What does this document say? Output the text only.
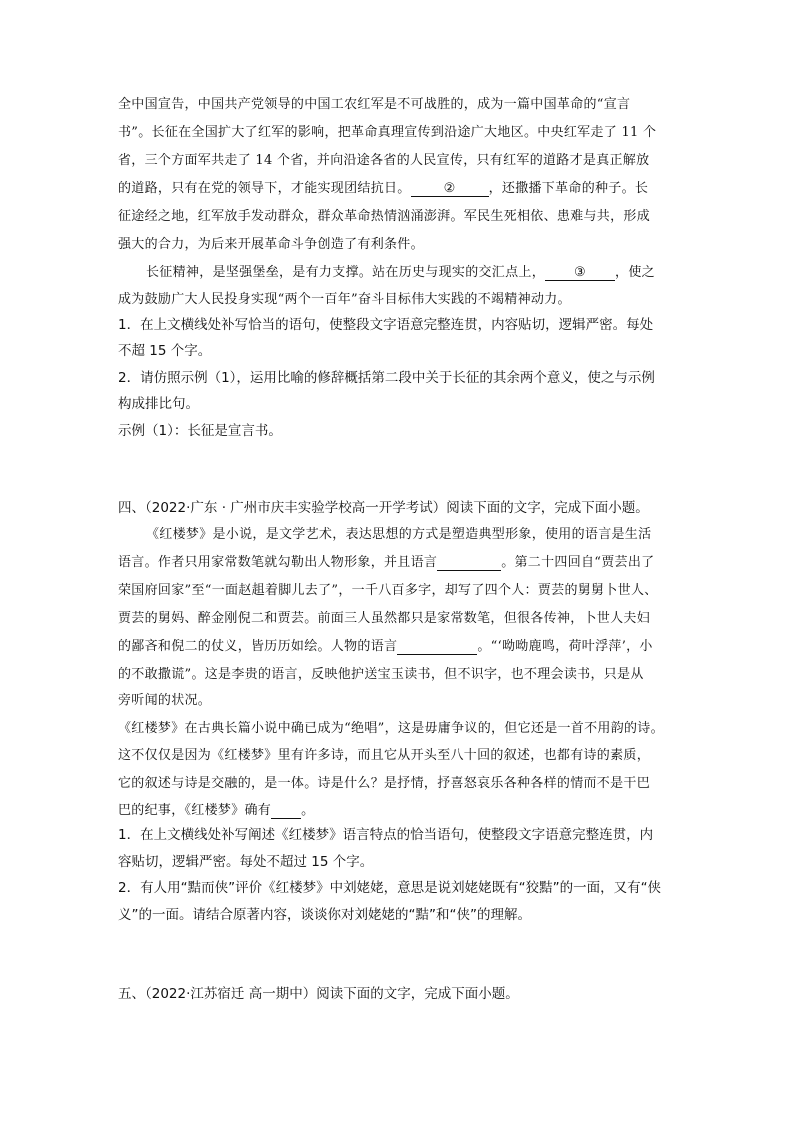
全中国宣告，中国共产党领导的中国工农红军是不可战胜的，成为一篇中国革命的“宣言
书”。长征在全国扩大了红军的影响，把革命真理宣传到沿途广大地区。中央红军走了 11 个
省，三个方面军共走了 14 个省，并向沿途各省的人民宣传，只有红军的道路才是真正解放
的道路，只有在党的领导下，才能实现团结抗日。	②	，还撒播下革命的种子。长
征途经之地，红军放手发动群众，群众革命热情汹涌澎湃。军民生死相依、患难与共，形成
强大的合力，为后来开展革命斗争创造了有利条件。
长征精神，是坚强堡垒，是有力支撑。站在历史与现实的交汇点上， ③ ，使之
成为鼓励广大人民投身实现“两个一百年”奋斗目标伟大实践的不竭精神动力。
1．在上文横线处补写恰当的语句，使整段文字语意完整连贯，内容贴切，逻辑严密。每处
不超 15 个字。
2．请仿照示例（1），运用比喻的修辞概括第二段中关于长征的其余两个意义，使之与示例
构成排比句。
示例（1）：长征是宣言书。
四、（2022·广东 · 广州市庆丰实验学校高一开学考试）阅读下面的文字，完成下面小题。
《红楼梦》是小说，是文学艺术，表达思想的方式是塑造典型形象，使用的语言是生活
语言。作者只用家常数笔就勾勒出人物形象，并且语言	。第二十四回自“贾芸出了
荣国府回家”至“一面赵趄着脚儿去了”，一千八百多字，却写了四个人：贾芸的舅舅卜世人、
贾芸的舅妈、醉金刚倪二和贾芸。前面三人虽然都只是家常数笔，但很各传神，卜世人夫妇
的鄙吝和倪二的仗义，皆历历如绘。人物的语言	。“‘呦呦鹿鸣，荷叶浮萍’，小
的不敢撒谎”。这是李贵的语言，反映他护送宝玉读书，但不识字，也不理会读书，只是从
旁听闻的状况。
《红楼梦》在古典长篇小说中确已成为“绝唱”，这是毋庸争议的，但它还是一首不用韵的诗。
这不仅仅是因为《红楼梦》里有许多诗，而且它从开头至八十回的叙述，也都有诗的素质，
它的叙述与诗是交融的，是一体。诗是什么？是抒情，抒喜怒哀乐各种各样的情而不是干巴
巴的纪事，《红楼梦》确有 。
1．在上文横线处补写阐述《红楼梦》语言特点的恰当语句，使整段文字语意完整连贯，内
容贴切，逻辑严密。每处不超过 15 个字。
2．有人用“黠而侠”评价《红楼梦》中刘姥姥，意思是说刘姥姥既有“狡黠”的一面，又有“侠
义”的一面。请结合原著内容，谈谈你对刘姥姥的“黠”和“侠”的理解。
五、（2022·江苏宿迁 高一期中）阅读下面的文字，完成下面小题。
